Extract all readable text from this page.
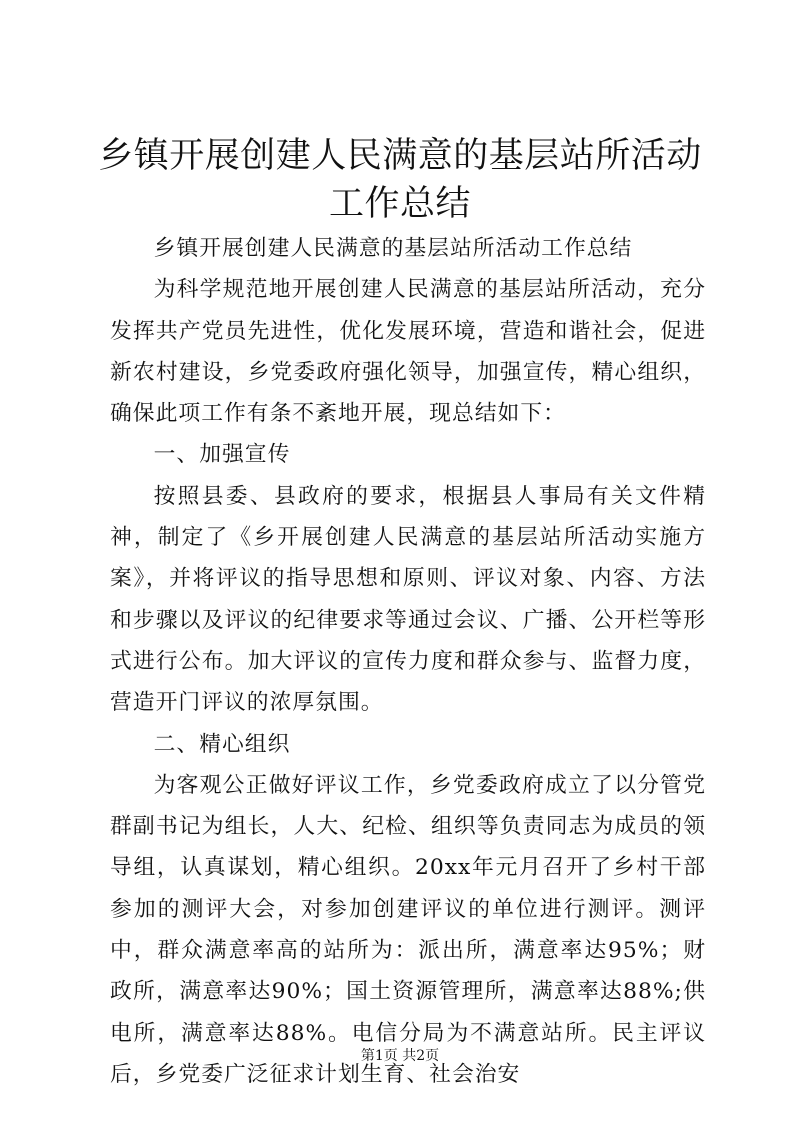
乡镇开展创建人民满意的基层站所活动工作总结

乡镇开展创建人民满意的基层站所活动工作总结

为科学规范地开展创建人民满意的基层站所活动，充分发挥共产党员先进性，优化发展环境，营造和谐社会，促进新农村建设，乡党委政府强化领导，加强宣传，精心组织，确保此项工作有条不紊地开展，现总结如下：

一、加强宣传

按照县委、县政府的要求，根据县人事局有关文件精神，制定了《乡开展创建人民满意的基层站所活动实施方案》，并将评议的指导思想和原则、评议对象、内容、方法和步骤以及评议的纪律要求等通过会议、广播、公开栏等形式进行公布。加大评议的宣传力度和群众参与、监督力度，营造开门评议的浓厚氛围。

二、精心组织

为客观公正做好评议工作，乡党委政府成立了以分管党群副书记为组长，人大、纪检、组织等负责同志为成员的领导组，认真谋划，精心组织。20xx年元月召开了乡村干部参加的测评大会，对参加创建评议的单位进行测评。测评中，群众满意率高的站所为：派出所，满意率达95%；财政所，满意率达90%；国土资源管理所，满意率达88%;供电所，满意率达88%。电信分局为不满意站所。民主评议后，乡党委广泛征求计划生育、社会治安

第1页 共2页
